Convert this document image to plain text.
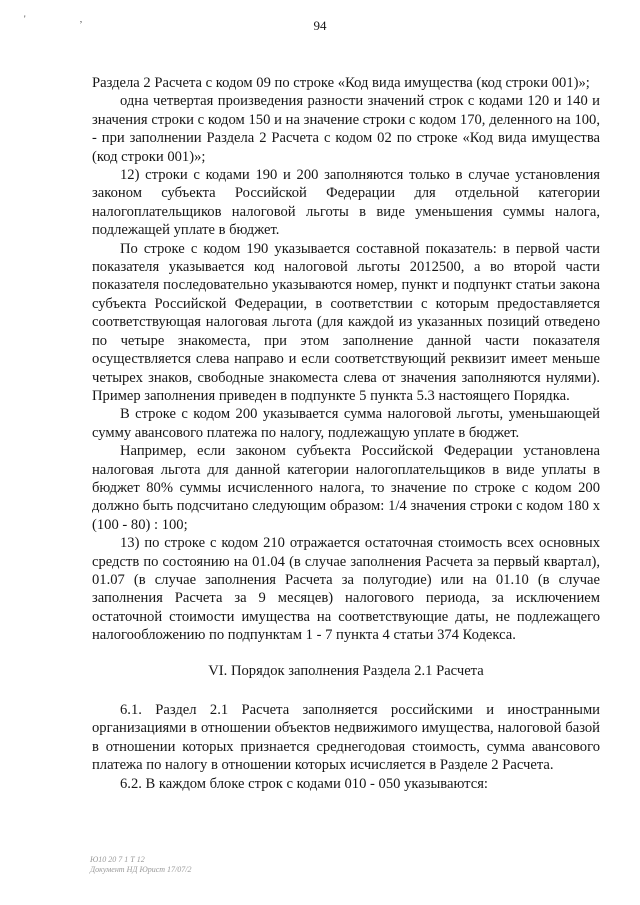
' ,	94

Раздела 2 Расчета с кодом 09 по строке «Код вида имущества (код строки 001)»;

одна четвертая произведения разности значений строк с кодами 120 и 140 и значения строки с кодом 150 и на значение строки с кодом 170, деленного на 100, - при заполнении Раздела 2 Расчета с кодом 02 по строке «Код вида имущества (код строки 001)»;

12) строки с кодами 190 и 200 заполняются только в случае установления законом субъекта Российской Федерации для отдельной категории налогоплательщиков налоговой льготы в виде уменьшения суммы налога, подлежащей уплате в бюджет.

По строке с кодом 190 указывается составной показатель: в первой части показателя указывается код налоговой льготы 2012500, а во второй части показателя последовательно указываются номер, пункт и подпункт статьи закона субъекта Российской Федерации, в соответствии с которым предоставляется соответствующая налоговая льгота (для каждой из указанных позиций отведено по четыре знакоместа, при этом заполнение данной части показателя осуществляется слева направо и если соответствующий реквизит имеет меньше четырех знаков, свободные знакоместа слева от значения заполняются нулями). Пример заполнения приведен в подпункте 5 пункта 5.3 настоящего Порядка.

В строке с кодом 200 указывается сумма налоговой льготы, уменьшающей сумму авансового платежа по налогу, подлежащую уплате в бюджет.

Например, если законом субъекта Российской Федерации установлена налоговая льгота для данной категории налогоплательщиков в виде уплаты в бюджет 80% суммы исчисленного налога, то значение по строке с кодом 200 должно быть подсчитано следующим образом: 1/4 значения строки с кодом 180 х (100 - 80) : 100;

13) по строке с кодом 210 отражается остаточная стоимость всех основных средств по состоянию на 01.04 (в случае заполнения Расчета за первый квартал), 01.07 (в случае заполнения Расчета за полугодие) или на 01.10 (в случае заполнения Расчета за 9 месяцев) налогового периода, за исключением остаточной стоимости имущества на соответствующие даты, не подлежащего налогообложению по подпунктам 1 - 7 пункта 4 статьи 374 Кодекса.

VI. Порядок заполнения Раздела 2.1 Расчета

6.1. Раздел 2.1 Расчета заполняется российскими и иностранными организациями в отношении объектов недвижимого имущества, налоговой базой в отношении которых признается среднегодовая стоимость, сумма авансового платежа по налогу в отношении которых исчисляется в Разделе 2 Расчета.

6.2. В каждом блоке строк с кодами 010 - 050 указываются:

Ю10 20 7 1 Т 12
Документ НД Юрист 17/07/2
